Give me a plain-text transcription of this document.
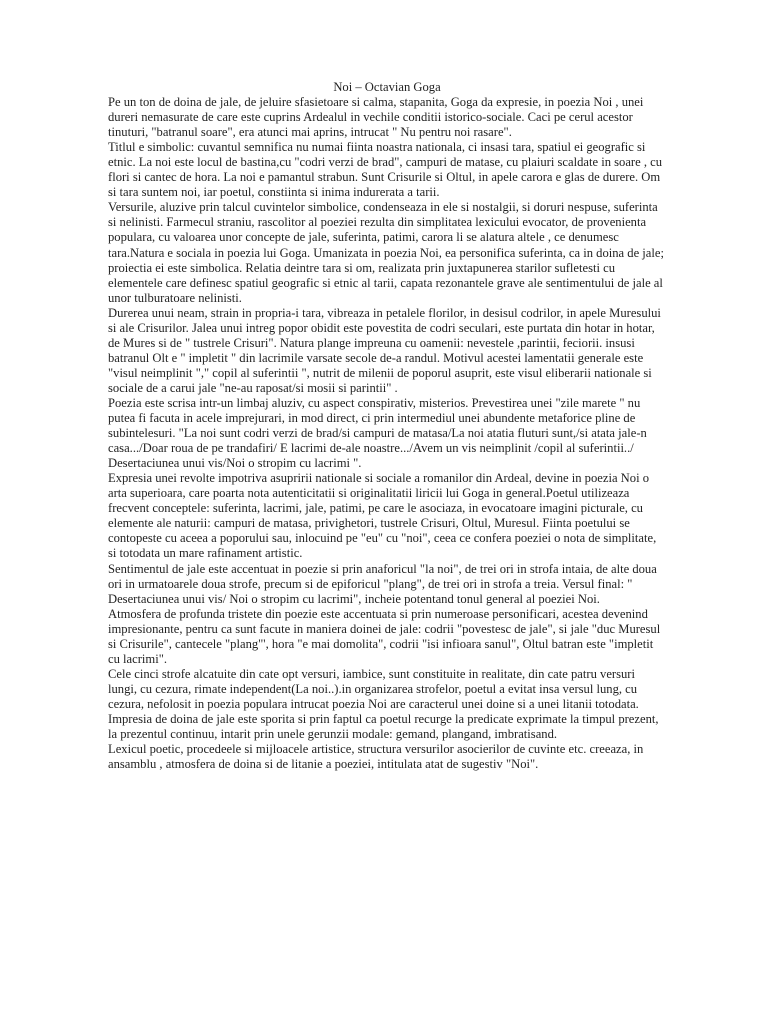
Noi – Octavian Goga

Pe un ton de doina de jale, de jeluire sfasietoare si calma, stapanita, Goga da expresie, in poezia Noi , unei dureri nemasurate de care este cuprins Ardealul in vechile conditii istorico-sociale. Caci pe cerul acestor tinuturi, "batranul soare", era atunci mai aprins, intrucat " Nu pentru noi rasare".

Titlul e simbolic: cuvantul semnifica nu numai fiinta noastra nationala, ci insasi tara, spatiul ei geografic si etnic. La noi este locul de bastina,cu "codri verzi de brad", campuri de matase, cu plaiuri scaldate in soare , cu flori si cantec de hora. La noi e pamantul strabun. Sunt Crisurile si Oltul, in apele carora e glas de durere. Om si tara suntem noi, iar poetul, constiinta si inima indurerata a tarii.

Versurile, aluzive prin talcul cuvintelor simbolice, condenseaza in ele si nostalgii, si doruri nespuse, suferinta si nelinisti. Farmecul straniu, rascolitor al poeziei rezulta din simplitatea lexicului evocator, de provenienta populara, cu valoarea unor concepte de jale, suferinta, patimi, carora li se alatura altele , ce denumesc tara.Natura e sociala in poezia lui Goga. Umanizata in poezia Noi, ea personifica suferinta, ca in doina de jale; proiectia ei este simbolica. Relatia deintre tara si om, realizata prin juxtapunerea starilor sufletesti cu elementele care definesc spatiul geografic si etnic al tarii, capata rezonantele grave ale sentimentului de jale al unor tulburatoare nelinisti.

Durerea unui neam, strain in propria-i tara, vibreaza in petalele florilor, in desisul codrilor, in apele Muresului si ale Crisurilor. Jalea unui intreg popor obidit este povestita de codri seculari, este purtata din hotar in hotar, de Mures si de " tustrele Crisuri". Natura plange impreuna cu oamenii: nevestele ,parintii, feciorii. insusi batranul Olt e " impletit " din lacrimile varsate secole de-a randul. Motivul acestei lamentatii generale este "visul neimplinit "," copil al suferintii ", nutrit de milenii de poporul asuprit, este visul eliberarii nationale si sociale de a carui jale "ne-au raposat/si mosii si parintii" .

Poezia este scrisa intr-un limbaj aluziv, cu aspect conspirativ, misterios. Prevestirea unei "zile marete " nu putea fi facuta in acele imprejurari, in mod direct, ci prin intermediul unei abundente metaforice pline de subintelesuri. "La noi sunt codri verzi de brad/si campuri de matasa/La noi atatia fluturi sunt,/si atata jale-n casa.../Doar roua de pe trandafiri/ E lacrimi de-ale noastre.../Avem un vis neimplinit /copil al suferintii../ Desertaciunea unui vis/Noi o stropim cu lacrimi ".

Expresia unei revolte impotriva asupririi nationale si sociale a romanilor din Ardeal, devine in poezia Noi o arta superioara, care poarta nota autenticitatii si originalitatii liricii lui Goga in general.Poetul utilizeaza frecvent conceptele: suferinta, lacrimi, jale, patimi, pe care le asociaza, in evocatoare imagini picturale, cu elemente ale naturii: campuri de matasa, privighetori, tustrele Crisuri, Oltul, Muresul. Fiinta poetului se contopeste cu aceea a poporului sau, inlocuind pe "eu" cu "noi", ceea ce confera poeziei o nota de simplitate, si totodata un mare rafinament artistic.

Sentimentul de jale este accentuat in poezie si prin anaforicul "la noi", de trei ori in strofa intaia, de alte doua ori in urmatoarele doua strofe, precum si de epiforicul "plang", de trei ori in strofa a treia. Versul final: " Desertaciunea unui vis/ Noi o stropim cu lacrimi", incheie potentand tonul general al poeziei Noi.

Atmosfera de profunda tristete din poezie este accentuata si prin numeroase personificari, acestea devenind impresionante, pentru ca sunt facute in maniera doinei de jale: codrii "povestesc de jale", si jale "duc Muresul si Crisurile", cantecele "plang"', hora "e mai domolita", codrii "isi infioara sanul", Oltul batran este "impletit cu lacrimi".

Cele cinci strofe alcatuite din cate opt versuri, iambice, sunt constituite in realitate, din cate patru versuri lungi, cu cezura, rimate independent(La noi..).in organizarea strofelor, poetul a evitat insa versul lung, cu cezura, nefolosit in poezia populara intrucat poezia Noi are caracterul unei doine si a unei litanii totodata. Impresia de doina de jale este sporita si prin faptul ca poetul recurge la predicate exprimate la timpul prezent, la prezentul continuu, intarit prin unele gerunzii modale: gemand, plangand, imbratisand.

Lexicul poetic, procedeele si mijloacele artistice, structura versurilor asocierilor de cuvinte etc. creeaza, in ansamblu , atmosfera de doina si de litanie a poeziei, intitulata atat de sugestiv "Noi".
